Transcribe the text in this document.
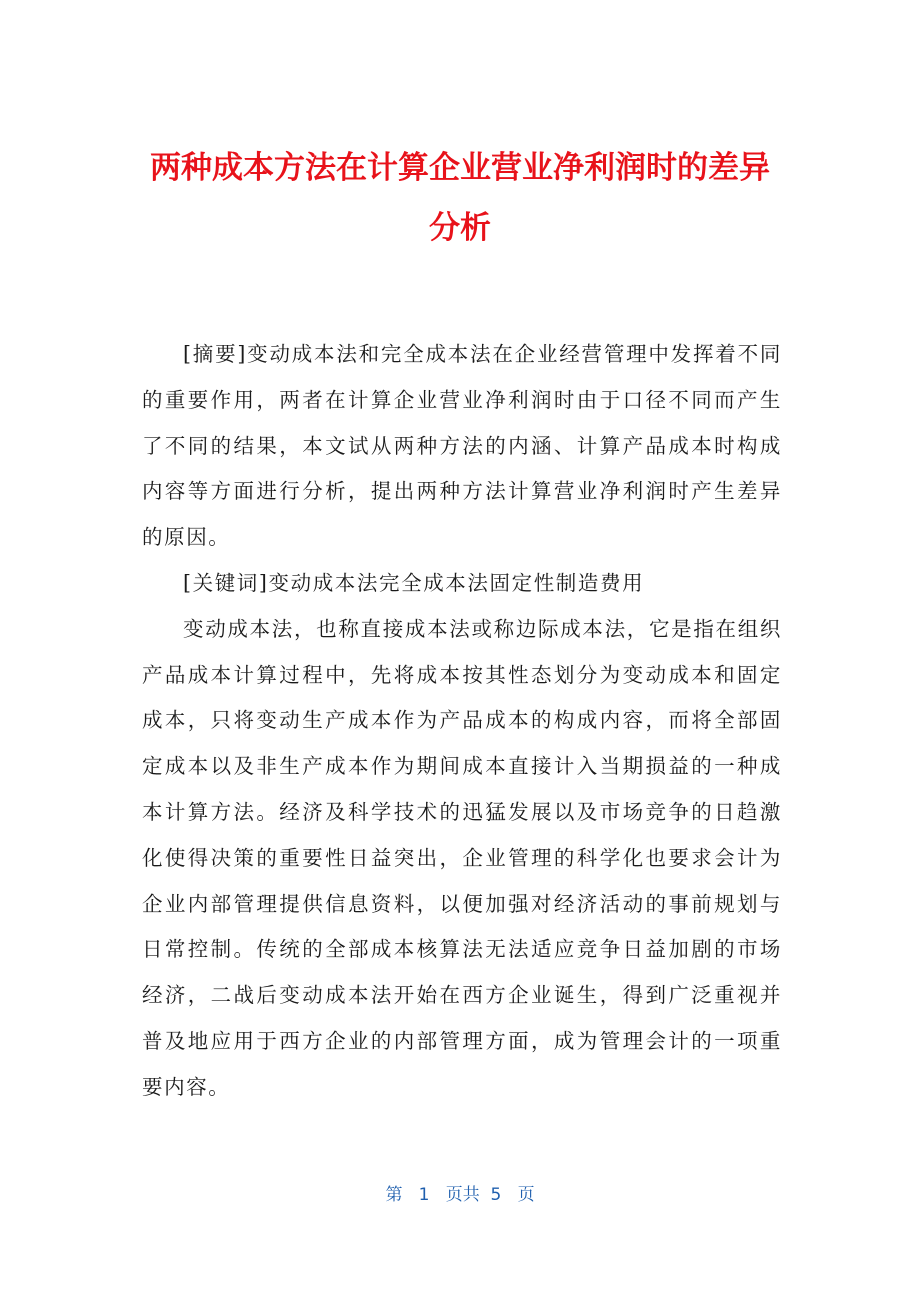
两种成本方法在计算企业营业净利润时的差异分析

[摘要]变动成本法和完全成本法在企业经营管理中发挥着不同的重要作用，两者在计算企业营业净利润时由于口径不同而产生了不同的结果，本文试从两种方法的内涵、计算产品成本时构成内容等方面进行分析，提出两种方法计算营业净利润时产生差异的原因。

[关键词]变动成本法完全成本法固定性制造费用

变动成本法，也称直接成本法或称边际成本法，它是指在组织产品成本计算过程中，先将成本按其性态划分为变动成本和固定成本，只将变动生产成本作为产品成本的构成内容，而将全部固定成本以及非生产成本作为期间成本直接计入当期损益的一种成本计算方法。经济及科学技术的迅猛发展以及市场竞争的日趋激化使得决策的重要性日益突出，企业管理的科学化也要求会计为企业内部管理提供信息资料，以便加强对经济活动的事前规划与日常控制。传统的全部成本核算法无法适应竞争日益加剧的市场经济，二战后变动成本法开始在西方企业诞生，得到广泛重视并普及地应用于西方企业的内部管理方面，成为管理会计的一项重要内容。

第 1 页共 5 页
